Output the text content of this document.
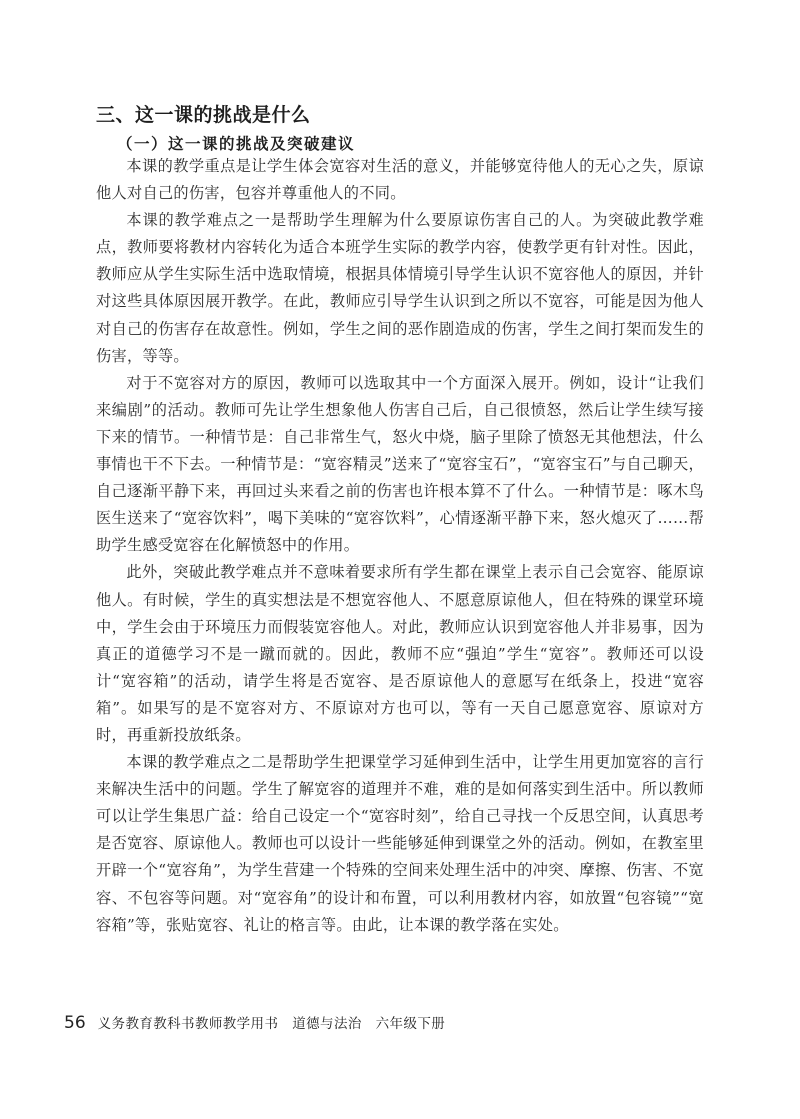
三、这一课的挑战是什么
（一）这一课的挑战及突破建议

本课的教学重点是让学生体会宽容对生活的意义，并能够宽待他人的无心之失，原谅他人对自己的伤害，包容并尊重他人的不同。

本课的教学难点之一是帮助学生理解为什么要原谅伤害自己的人。为突破此教学难点，教师要将教材内容转化为适合本班学生实际的教学内容，使教学更有针对性。因此，教师应从学生实际生活中选取情境，根据具体情境引导学生认识不宽容他人的原因，并针对这些具体原因展开教学。在此，教师应引导学生认识到之所以不宽容，可能是因为他人对自己的伤害存在故意性。例如，学生之间的恶作剧造成的伤害，学生之间打架而发生的伤害，等等。

对于不宽容对方的原因，教师可以选取其中一个方面深入展开。例如，设计“让我们来编剧”的活动。教师可先让学生想象他人伤害自己后，自己很愤怒，然后让学生续写接下来的情节。一种情节是：自己非常生气，怒火中烧，脑子里除了愤怒无其他想法，什么事情也干不下去。一种情节是：“宽容精灵”送来了“宽容宝石”，“宽容宝石”与自己聊天，自己逐渐平静下来，再回过头来看之前的伤害也许根本算不了什么。一种情节是：啄木鸟医生送来了“宽容饮料”，喝下美味的“宽容饮料”，心情逐渐平静下来，怒火熄灭了……帮助学生感受宽容在化解愤怒中的作用。

此外，突破此教学难点并不意味着要求所有学生都在课堂上表示自己会宽容、能原谅他人。有时候，学生的真实想法是不想宽容他人、不愿意原谅他人，但在特殊的课堂环境中，学生会由于环境压力而假装宽容他人。对此，教师应认识到宽容他人并非易事，因为真正的道德学习不是一蹴而就的。因此，教师不应“强迫”学生“宽容”。教师还可以设计“宽容箱”的活动，请学生将是否宽容、是否原谅他人的意愿写在纸条上，投进“宽容箱”。如果写的是不宽容对方、不原谅对方也可以，等有一天自己愿意宽容、原谅对方时，再重新投放纸条。

本课的教学难点之二是帮助学生把课堂学习延伸到生活中，让学生用更加宽容的言行来解决生活中的问题。学生了解宽容的道理并不难，难的是如何落实到生活中。所以教师可以让学生集思广益：给自己设定一个“宽容时刻”，给自己寻找一个反思空间，认真思考是否宽容、原谅他人。教师也可以设计一些能够延伸到课堂之外的活动。例如，在教室里开辟一个“宽容角”，为学生营建一个特殊的空间来处理生活中的冲突、摩擦、伤害、不宽容、不包容等问题。对“宽容角”的设计和布置，可以利用教材内容，如放置“包容镜”“宽容箱”等，张贴宽容、礼让的格言等。由此，让本课的教学落在实处。

56 义务教育教科书教师教学用书　道德与法治　六年级下册
